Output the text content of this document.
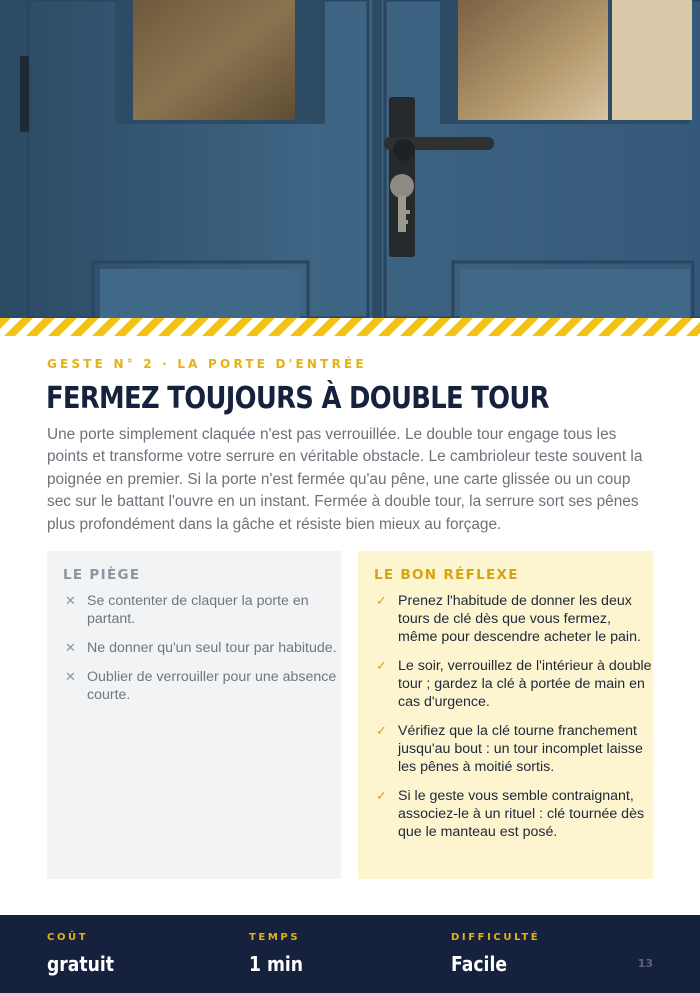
GESTE N° 2 · LA PORTE D'ENTRÉE
FERMEZ TOUJOURS À DOUBLE TOUR

Une porte simplement claquée n'est pas verrouillée. Le double tour engage tous les points et transforme votre serrure en véritable obstacle. Le cambrioleur teste souvent la poignée en premier. Si la porte n'est fermée qu'au pêne, une carte glissée ou un coup sec sur le battant l'ouvre en un instant. Fermée à double tour, la serrure sort ses pênes plus profondément dans la gâche et résiste bien mieux au forçage.

LE PIÈGE
✕ Se contenter de claquer la porte en partant.
✕ Ne donner qu'un seul tour par habitude.
✕ Oublier de verrouiller pour une absence courte.
LE BON RÉFLEXE
✓ Prenez l'habitude de donner les deux tours de clé dès que vous fermez, même pour descendre acheter le pain.
✓ Le soir, verrouillez de l'intérieur à double tour ; gardez la clé à portée de main en cas d'urgence.
✓ Vérifiez que la clé tourne franchement jusqu'au bout : un tour incomplet laisse les pênes à moitié sortis.
✓ Si le geste vous semble contraignant, associez-le à un rituel : clé tournée dès que le manteau est posé.
COÛT
gratuit
TEMPS
1 min
DIFFICULTÉ
Facile	13
